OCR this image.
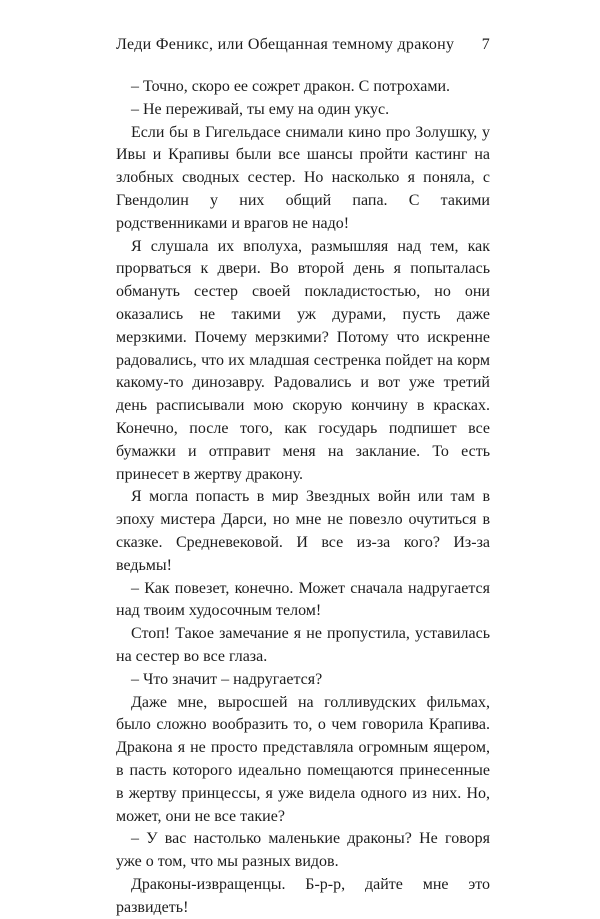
Леди Феникс, или Обещанная темному дракону 7

– Точно, скоро ее сожрет дракон. С потрохами.

– Не переживай, ты ему на один укус.

Если бы в Гигельдасе снимали кино про Золушку, у Ивы и Крапивы были все шансы пройти кастинг на злобных сводных сестер. Но насколько я поняла, с Гвендолин у них общий папа. С такими родственниками и врагов не надо!

Я слушала их вполуха, размышляя над тем, как прорваться к двери. Во второй день я попыталась обмануть сестер своей покладистостью, но они оказались не такими уж дурами, пусть даже мерзкими. Почему мерзкими? Потому что искренне радовались, что их младшая сестренка пойдет на корм какому-то динозавру. Радовались и вот уже третий день расписывали мою скорую кончину в красках. Конечно, после того, как государь подпишет все бумажки и отправит меня на заклание. То есть принесет в жертву дракону.

Я могла попасть в мир Звездных войн или там в эпоху мистера Дарси, но мне не повезло очутиться в сказке. Средневековой. И все из-за кого? Из-за ведьмы!

– Как повезет, конечно. Может сначала надругается над твоим худосочным телом!

Стоп! Такое замечание я не пропустила, уставилась на сестер во все глаза.

– Что значит – надругается?

Даже мне, выросшей на голливудских фильмах, было сложно вообразить то, о чем говорила Крапива. Дракона я не просто представляла огромным ящером, в пасть которого идеально помещаются принесенные в жертву принцессы, я уже видела одного из них. Но, может, они не все такие?

– У вас настолько маленькие драконы? Не говоря уже о том, что мы разных видов.

Драконы-извращенцы. Б-р-р, дайте мне это развидеть!
